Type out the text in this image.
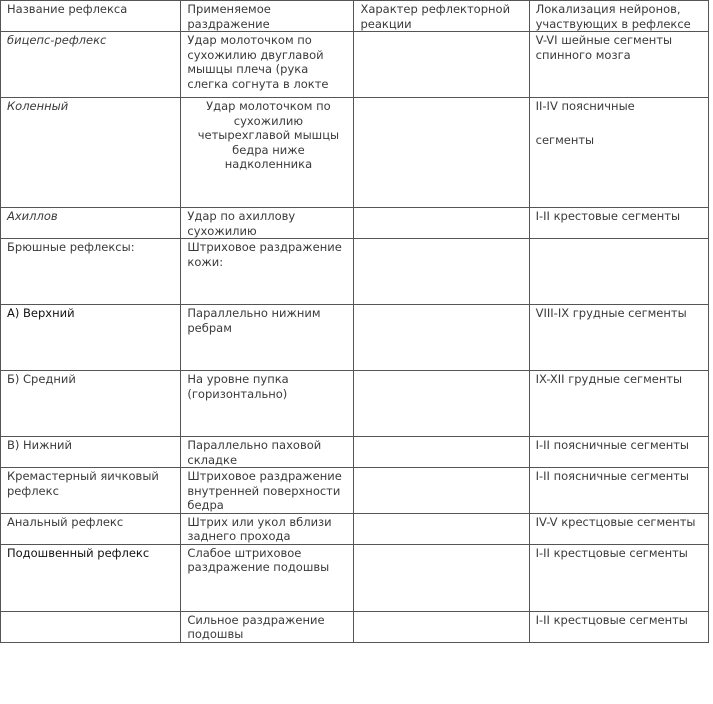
Название рефлекса	Применяемое раздражение	Характер рефлекторной реакции	Локализация нейронов, участвующих в рефлексе
бицепс-рефлекс	Удар молоточком по сухожилию двуглавой мышцы плеча (рука слегка согнута в локте		V-VI шейные сегменты спинного мозга
Коленный	Удар молоточком по сухожилию четырехглавой мышцы бедра ниже надколенника		II-IV поясничные
сегменты

Ахиллов	Удар по ахиллову сухожилию		I-II крестовые сегменты
Брюшные рефлексы:	Штриховое раздражение кожи:		
А) Верхний	Параллельно нижним ребрам		VIII-IX грудные сегменты
Б) Средний	На уровне пупка (горизонтально)		IX-XII грудные сегменты
В) Нижний	Параллельно паховой складке		I-II поясничные сегменты
Кремастерный яичковый рефлекс	Штриховое раздражение внутренней поверхности бедра		I-II поясничные сегменты
Анальный рефлекс	Штрих или укол вблизи заднего прохода		IV-V крестцовые сегменты
Подошвенный рефлекс	Слабое штриховое раздражение подошвы		I-II крестцовые сегменты
	Сильное раздражение подошвы		I-II крестцовые сегменты
